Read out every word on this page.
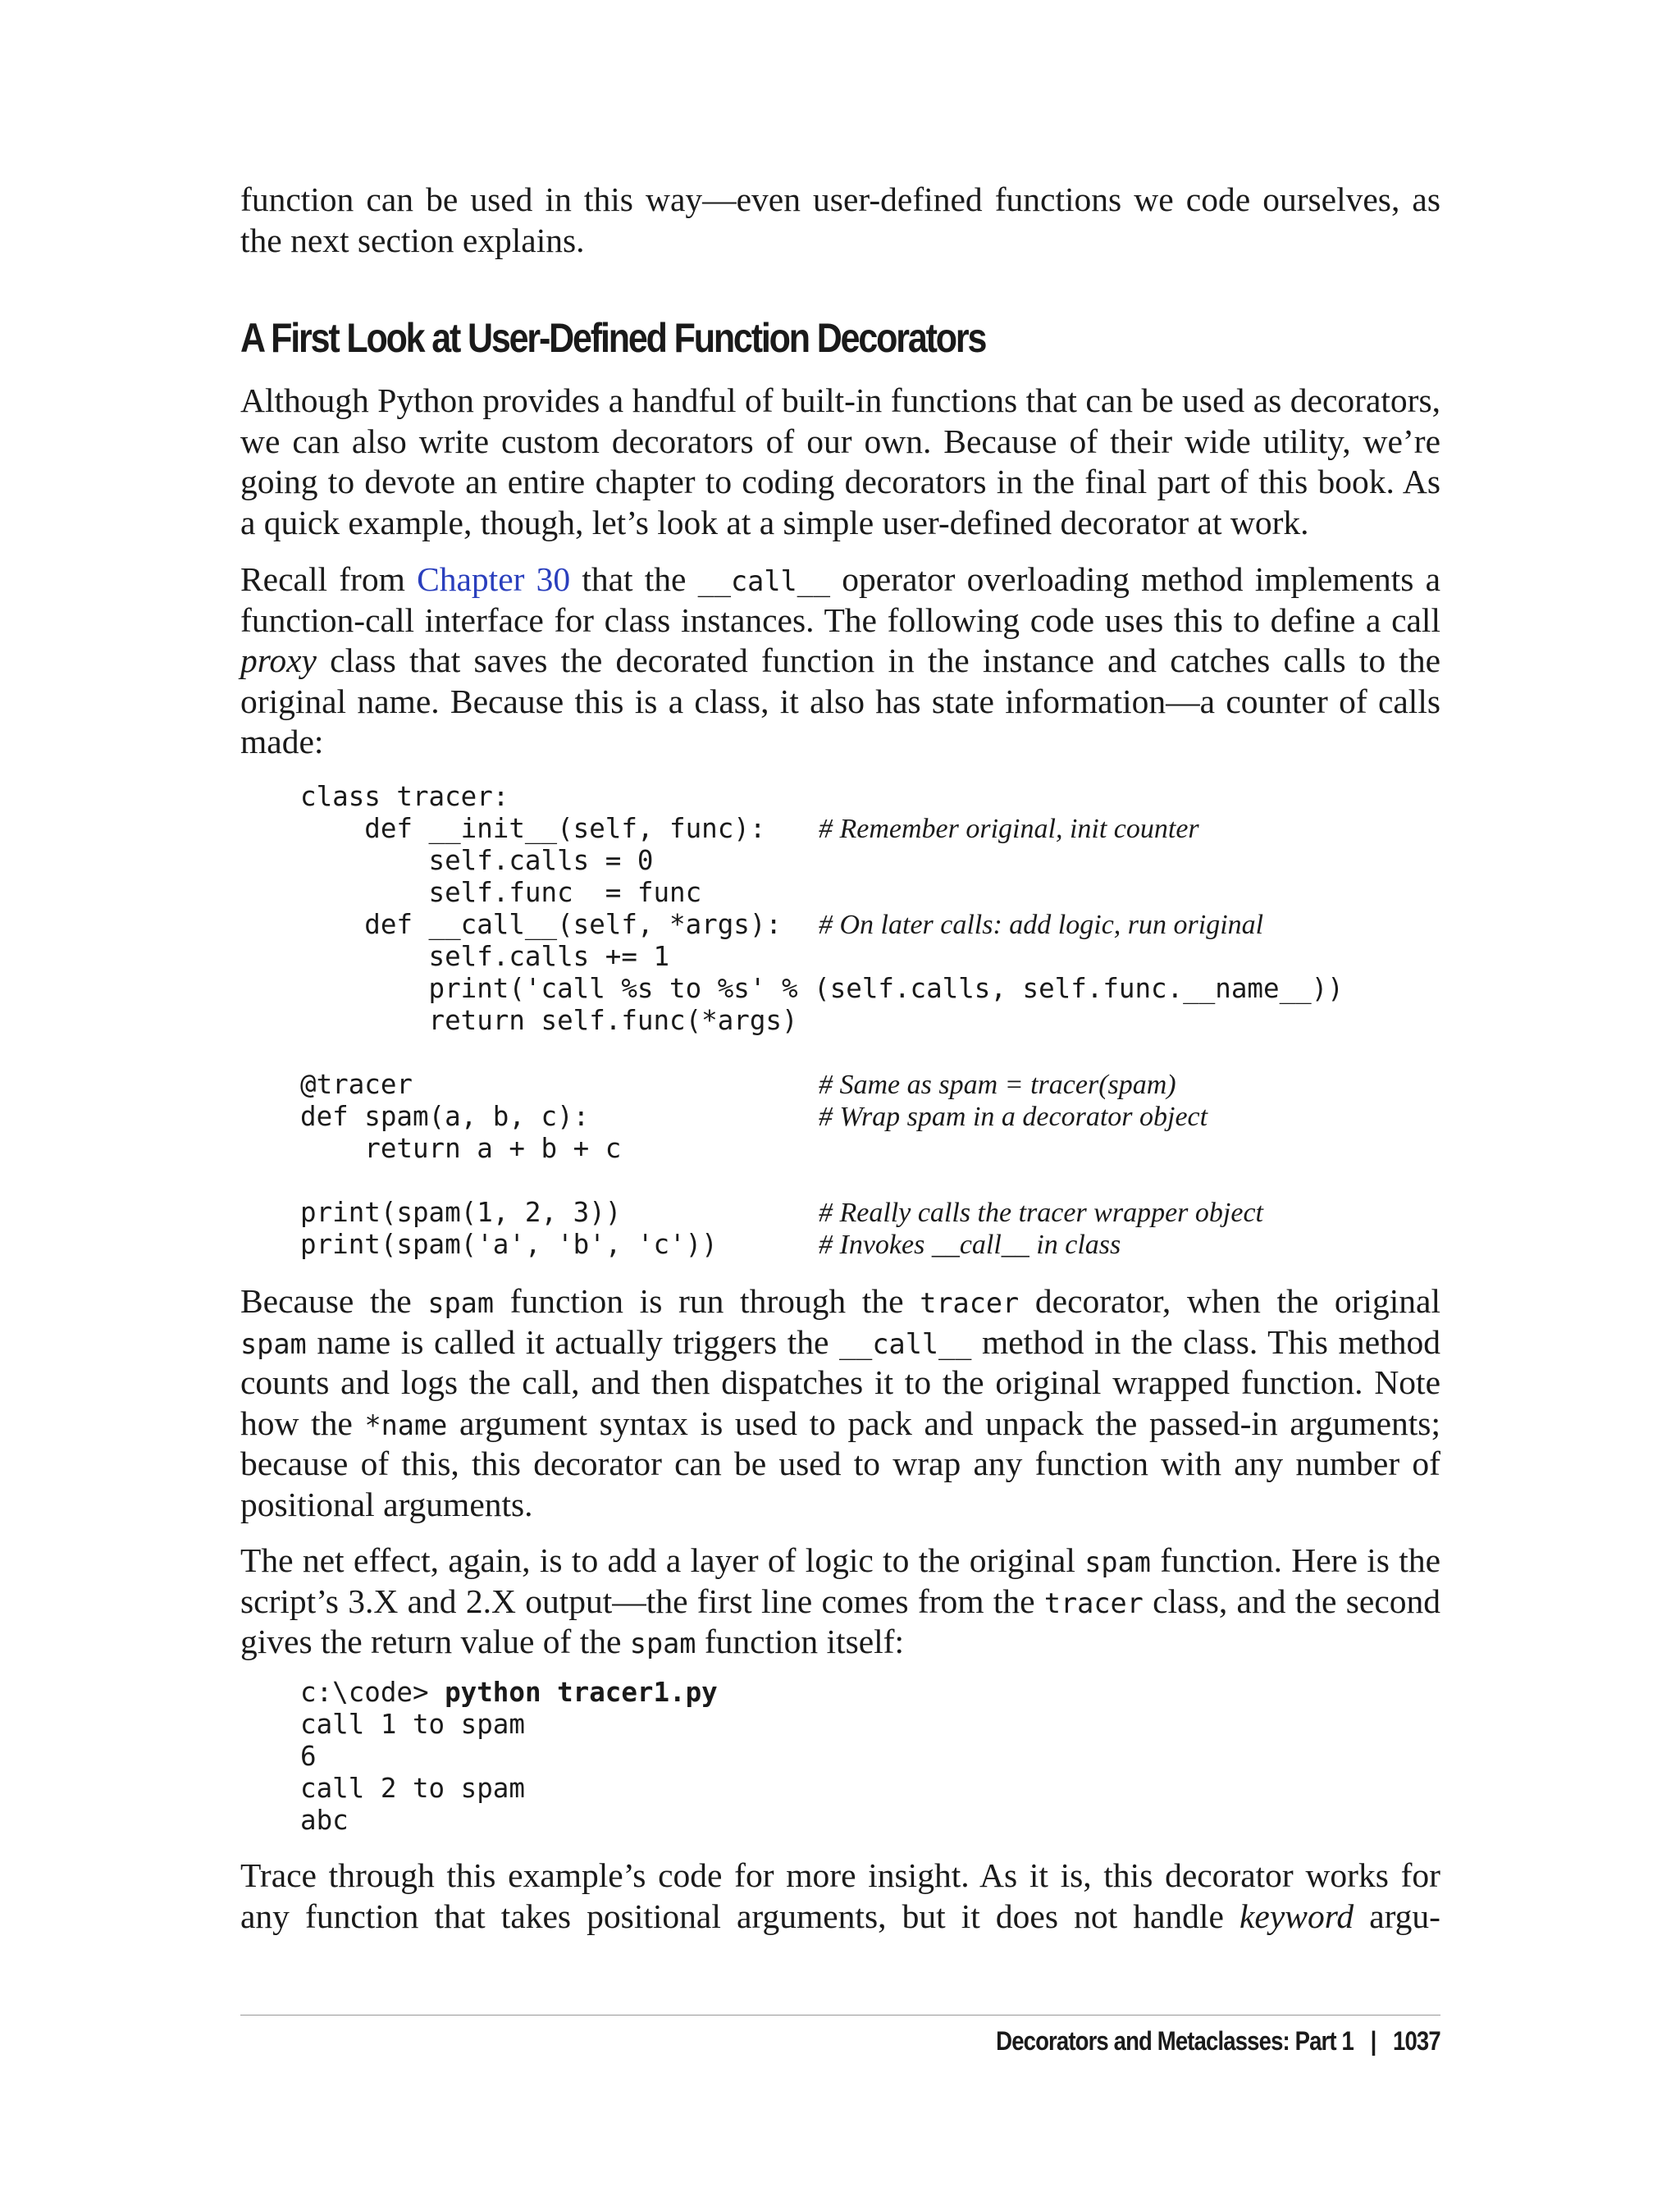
function can be used in this way—even user-defined functions we code ourselves, as
the next section explains.

A First Look at User-Defined Function Decorators

Although Python provides a handful of built-in functions that can be used as decorators,
we can also write custom decorators of our own. Because of their wide utility, we’re
going to devote an entire chapter to coding decorators in the final part of this book. As
a quick example, though, let’s look at a simple user-defined decorator at work.

Recall from Chapter 30 that the __call__ operator overloading method implements a
function-call interface for class instances. The following code uses this to define a call
proxy class that saves the decorated function in the instance and catches calls to the
original name. Because this is a class, it also has state information—a counter of calls
made:

class tracer:
def __init__(self, func): # Remember original, init counter
self.calls = 0
self.func  = func
def __call__(self, *args): # On later calls: add logic, run original
self.calls += 1
print('call %s to %s' % (self.calls, self.func.__name__))
return self.func(*args)
@tracer	# Same as spam = tracer(spam)
def spam(a, b, c):	# Wrap spam in a decorator object
return a + b + c
print(spam(1, 2, 3))	# Really calls the tracer wrapper object
print(spam('a', 'b', 'c'))	# Invokes __call__ in class

Because the spam function is run through the tracer decorator, when the original
spam name is called it actually triggers the __call__ method in the class. This method
counts and logs the call, and then dispatches it to the original wrapped function. Note
how the *name argument syntax is used to pack and unpack the passed-in arguments;
because of this, this decorator can be used to wrap any function with any number of
positional arguments.

The net effect, again, is to add a layer of logic to the original spam function. Here is the
script’s 3.X and 2.X output—the first line comes from the tracer class, and the second
gives the return value of the spam function itself:

c:\code> python tracer1.py
call 1 to spam
6
call 2 to spam
abc

Trace through this example’s code for more insight. As it is, this decorator works for
any function that takes positional arguments, but it does not handle keyword argu-

Decorators and Metaclasses: Part 1 | 1037
